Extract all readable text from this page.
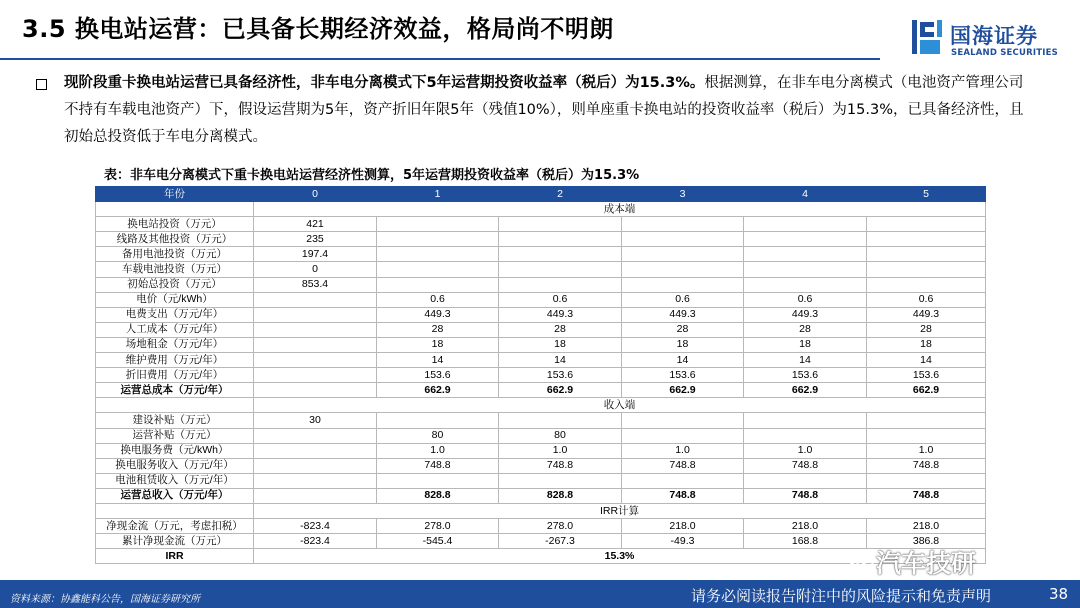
3.5 换电站运营：已具备长期经济效益，格局尚不明朗	国海证券
SEALAND SECURITIES
现阶段重卡换电站运营已具备经济性，非车电分离模式下5年运营期投资收益率（税后）为15.3%。根据测算，在非车电分离模式（电池资产管理公司不持有车载电池资产）下，假设运营期为5年，资产折旧年限5年（残值10%），则单座重卡换电站的投资收益率（税后）为15.3%，已具备经济性，且初始总投资低于车电分离模式。
表：非车电分离模式下重卡换电站运营经济性测算，5年运营期投资收益率（税后）为15.3%
年份	0	1	2	3	4	5
	成本端					
换电站投资（万元）	421					
线路及其他投资（万元）	235					
备用电池投资（万元）	197.4					
车载电池投资（万元）	0					
初始总投资（万元）	853.4					
电价（元/kWh）		0.6	0.6	0.6	0.6	0.6
电费支出（万元/年）		449.3	449.3	449.3	449.3	449.3
人工成本（万元/年）		28	28	28	28	28
场地租金（万元/年）		18	18	18	18	18
维护费用（万元/年）		14	14	14	14	14
折旧费用（万元/年）		153.6	153.6	153.6	153.6	153.6
运营总成本（万元/年）		662.9	662.9	662.9	662.9	662.9
	收入端					
建设补贴（万元）	30					
运营补贴（万元）		80	80			
换电服务费（元/kWh）		1.0	1.0	1.0	1.0	1.0
换电服务收入（万元/年）		748.8	748.8	748.8	748.8	748.8
电池租赁收入（万元/年）						
运营总收入（万元/年）		828.8	828.8	748.8	748.8	748.8
	IRR计算					
净现金流（万元，考虑扣税）	-823.4	278.0	278.0	218.0	218.0	218.0
累计净现金流（万元）	-823.4	-545.4	-267.3	-49.3	168.8	386.8
IRR	15.3%						汽车技研
资料来源：协鑫能科公告，国海证券研究所	请务必阅读报告附注中的风险提示和免责声明	38
